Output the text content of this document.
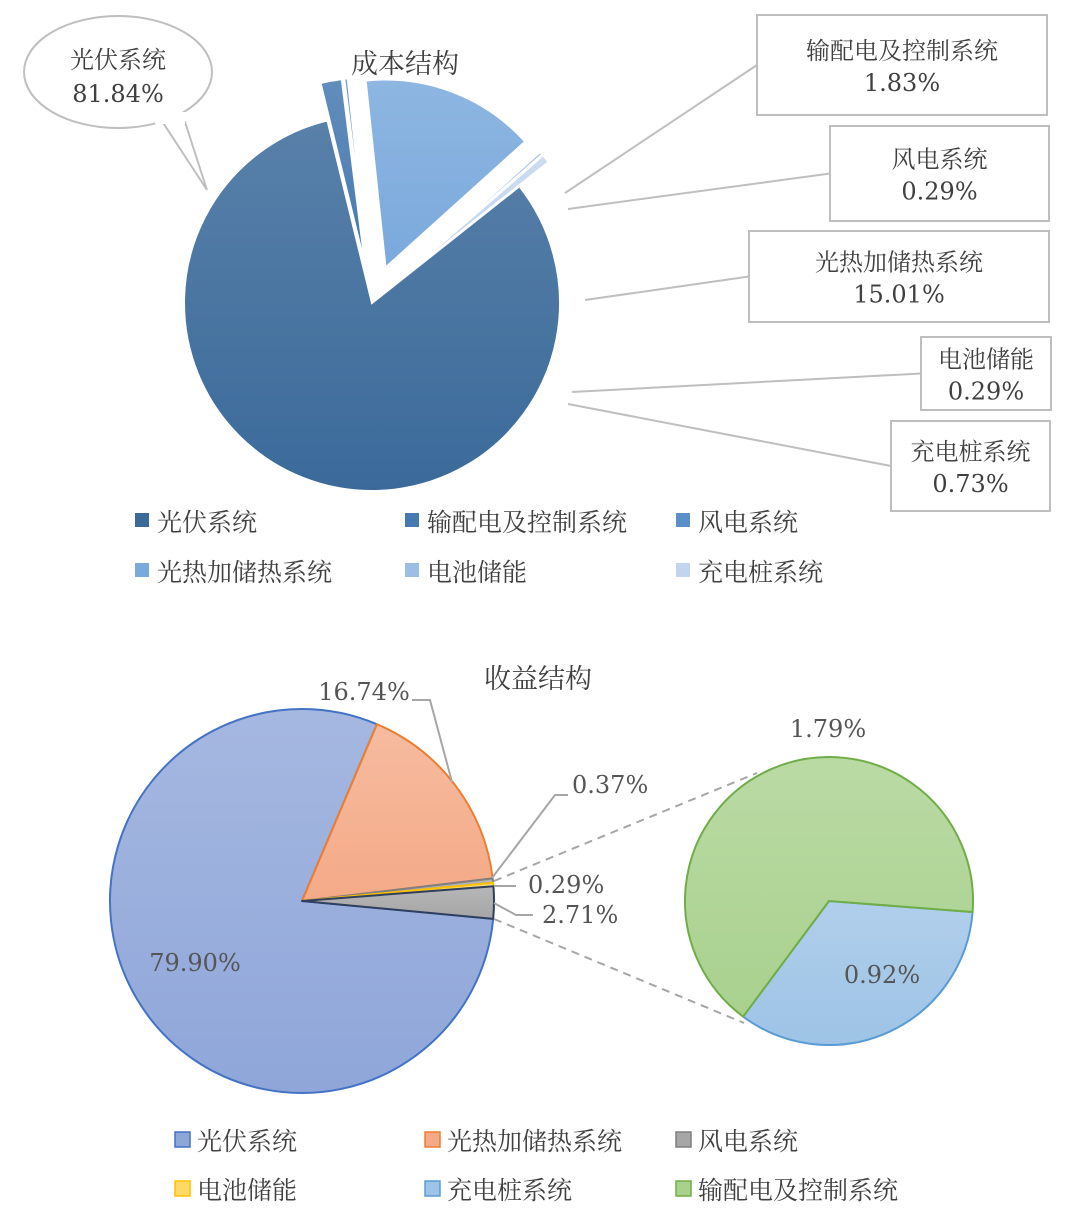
成本结构	输配电及控制系统
1.83%
风电系统
0.29%
光热加储热系统
15.01%
电池储能
0.29%
充电桩系统
0.73%
光伏系统
81.84%
光伏系统	输配电及控制系统	风电系统
光热加储热系统	电池储能	充电桩系统
收益结构
79.90%
16.74%
0.37%
0.29%
2.71%
1.79%
0.92%
光伏系统	光热加储热系统	风电系统
电池储能	充电桩系统	输配电及控制系统
